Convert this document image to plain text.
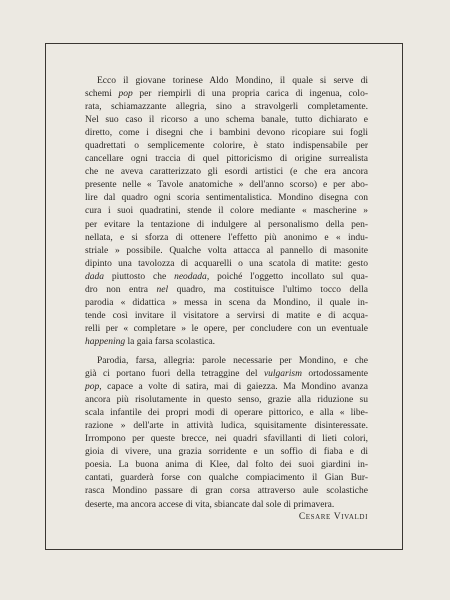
Ecco il giovane torinese Aldo Mondino, il quale si serve di
schemi pop per riempirli di una propria carica di ingenua, colo-
rata, schiamazzante allegria, sino a stravolgerli completamente.
Nel suo caso il ricorso a uno schema banale, tutto dichiarato e
diretto, come i disegni che i bambini devono ricopiare sui fogli
quadrettati o semplicemente colorire, è stato indispensabile per
cancellare ogni traccia di quel pittoricismo di origine surrealista
che ne aveva caratterizzato gli esordi artistici (e che era ancora
presente nelle « Tavole anatomiche » dell'anno scorso) e per abo-
lire dal quadro ogni scoria sentimentalistica. Mondino disegna con
cura i suoi quadratini, stende il colore mediante « mascherine »
per evitare la tentazione di indulgere al personalismo della pen-
nellata, e si sforza di ottenere l'effetto più anonimo e « indu-
striale » possibile. Qualche volta attacca al pannello di masonite
dipinto una tavolozza di acquarelli o una scatola di matite: gesto
dada piuttosto che neodada, poiché l'oggetto incollato sul qua-
dro non entra nel quadro, ma costituisce l'ultimo tocco della
parodia « didattica » messa in scena da Mondino, il quale in-
tende così invitare il visitatore a servirsi di matite e di acqua-
relli per « completare » le opere, per concludere con un eventuale
happening la gaia farsa scolastica.
Parodia, farsa, allegria: parole necessarie per Mondino, e che
già ci portano fuori della tetraggine del vulgarism ortodossamente
pop, capace a volte di satira, mai di gaiezza. Ma Mondino avanza
ancora più risolutamente in questo senso, grazie alla riduzione su
scala infantile dei propri modi di operare pittorico, e alla « libe-
razione » dell'arte in attività ludica, squisitamente disinteressate.
Irrompono per queste brecce, nei quadri sfavillanti di lieti colori,
gioia di vivere, una grazia sorridente e un soffio di fiaba e di
poesia. La buona anima di Klee, dal folto dei suoi giardini in-
cantati, guarderà forse con qualche compiacimento il Gian Bur-
rasca Mondino passare di gran corsa attraverso aule scolastiche
deserte, ma ancora accese di vita, sbiancate dal sole di primavera.
Cesare Vivaldi
